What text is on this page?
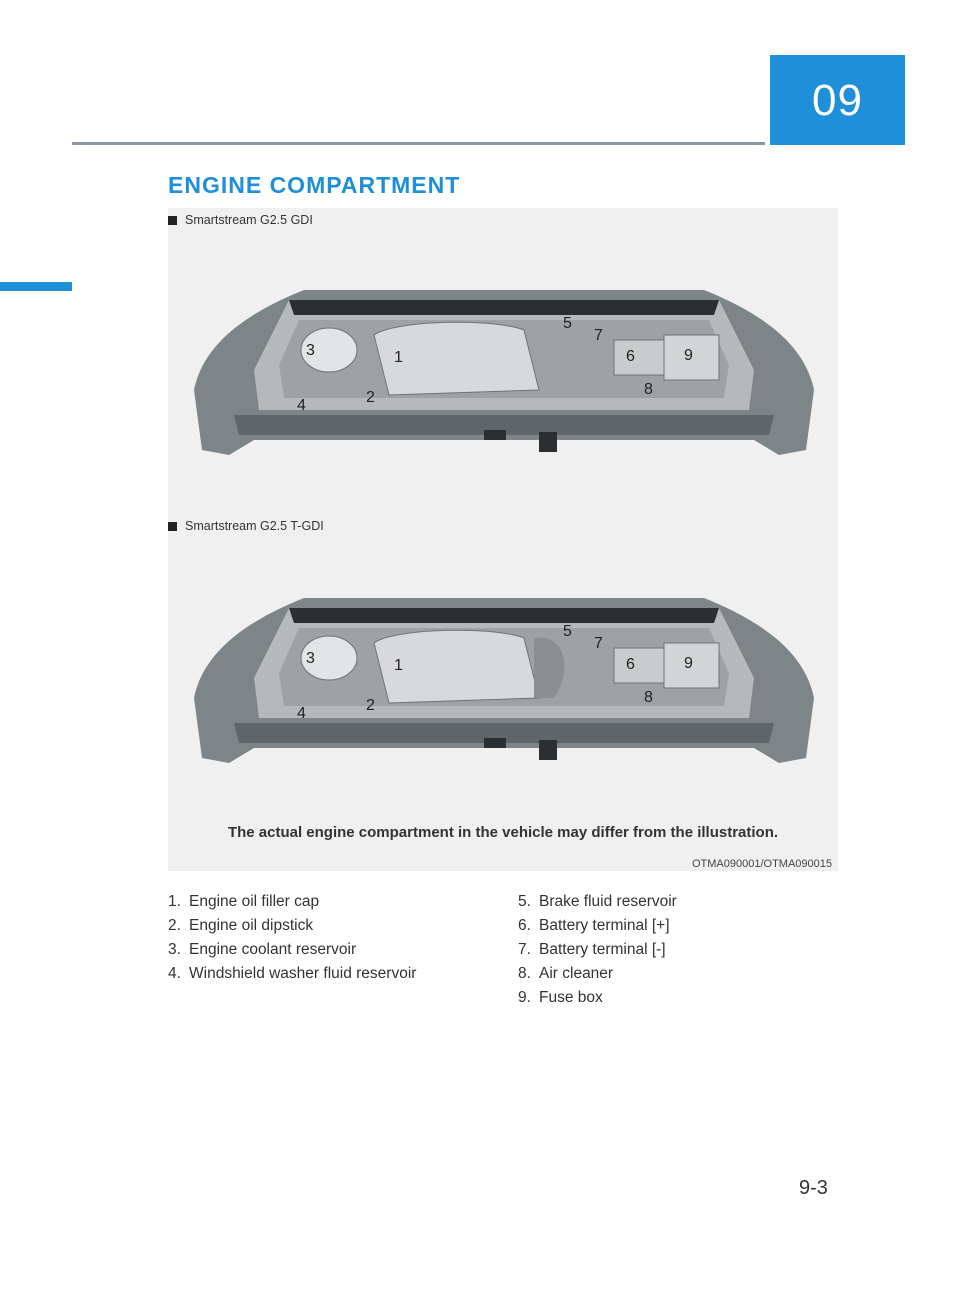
09
ENGINE COMPARTMENT
Smartstream G2.5 GDI
3	1
2
4
5
7
6	9
8
Smartstream G2.5 T-GDI
3	1
2
4
5
7
6	9
8
The actual engine compartment in the vehicle may differ from the illustration.
OTMA090001/OTMA090015
1. Engine oil filler cap
2. Engine oil dipstick
3. Engine coolant reservoir
4. Windshield washer fluid reservoir
5. Brake fluid reservoir
6. Battery terminal [+]
7. Battery terminal [-]
8. Air cleaner
9. Fuse box
9-3
